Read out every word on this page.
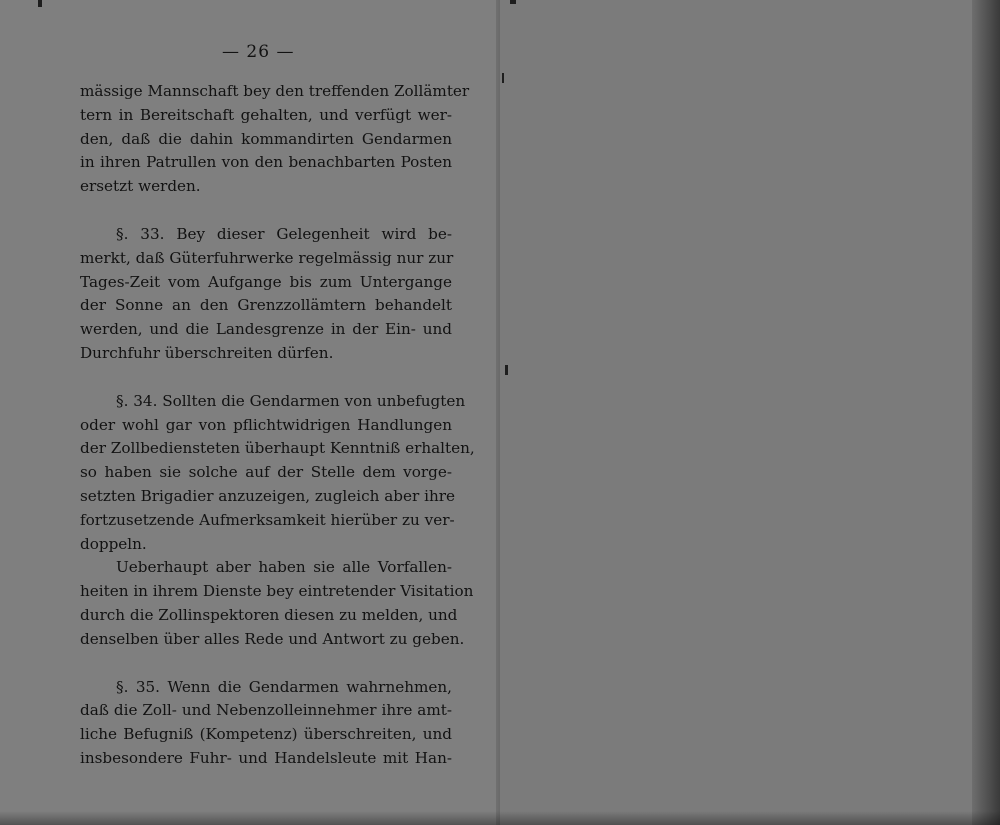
— 26 —
mässige Mannschaft bey den treffenden Zollämter
tern in Bereitschaft gehalten, und verfügt wer-
den, daß die dahin kommandirten Gendarmen
in ihren Patrullen von den benachbarten Posten
ersetzt werden.
§. 33. Bey dieser Gelegenheit wird be-
merkt, daß Güterfuhrwerke regelmässig nur zur
Tages-Zeit vom Aufgange bis zum Untergange
der Sonne an den Grenzzollämtern behandelt
werden, und die Landesgrenze in der Ein- und
Durchfuhr überschreiten dürfen.
§. 34. Sollten die Gendarmen von unbefugten
oder wohl gar von pflichtwidrigen Handlungen
der Zollbediensteten überhaupt Kenntniß erhalten,
so haben sie solche auf der Stelle dem vorge-
setzten Brigadier anzuzeigen, zugleich aber ihre
fortzusetzende Aufmerksamkeit hierüber zu ver-
doppeln.
Ueberhaupt aber haben sie alle Vorfallen-
heiten in ihrem Dienste bey eintretender Visitation
durch die Zollinspektoren diesen zu melden, und
denselben über alles Rede und Antwort zu geben.
§. 35. Wenn die Gendarmen wahrnehmen,
daß die Zoll- und Nebenzolleinnehmer ihre amt-
liche Befugniß (Kompetenz) überschreiten, und
insbesondere Fuhr- und Handelsleute mit Han-
